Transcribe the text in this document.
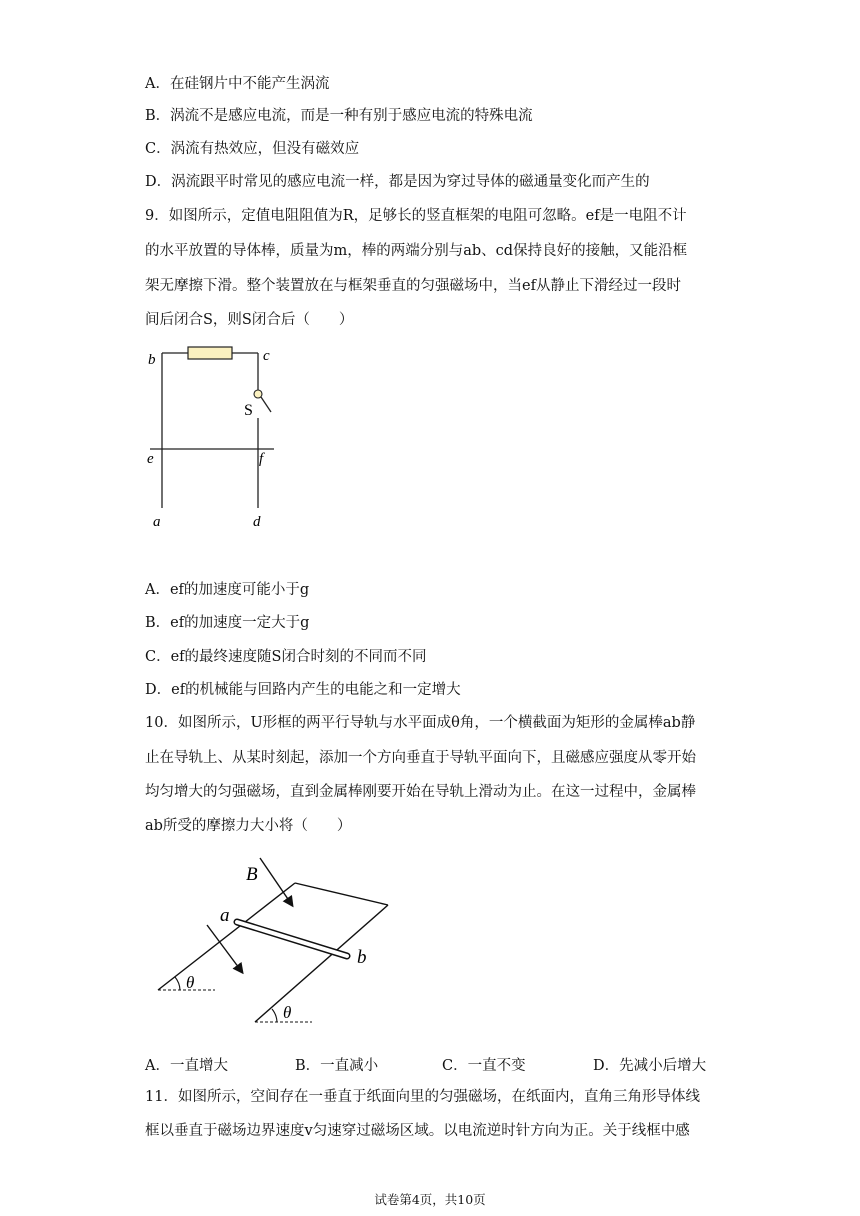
A．在硅钢片中不能产生涡流
B．涡流不是感应电流，而是一种有别于感应电流的特殊电流
C．涡流有热效应，但没有磁效应
D．涡流跟平时常见的感应电流一样，都是因为穿过导体的磁通量变化而产生的
9．如图所示，定值电阻阻值为R，足够长的竖直框架的电阻可忽略。ef是一电阻不计
的水平放置的导体棒，质量为m，棒的两端分别与ab、cd保持良好的接触，又能沿框
架无摩擦下滑。整个装置放在与框架垂直的匀强磁场中，当ef从静止下滑经过一段时
间后闭合S，则S闭合后（　　）
b	c
S
e	f
a	d
A．ef的加速度可能小于g
B．ef的加速度一定大于g
C．ef的最终速度随S闭合时刻的不同而不同
D．ef的机械能与回路内产生的电能之和一定增大
10．如图所示，U形框的两平行导轨与水平面成θ角，一个横截面为矩形的金属棒ab静
止在导轨上、从某时刻起，添加一个方向垂直于导轨平面向下，且磁感应强度从零开始
均匀增大的匀强磁场，直到金属棒刚要开始在导轨上滑动为止。在这一过程中，金属棒
ab所受的摩擦力大小将（　　）
B
a
b
θ
θ
A．一直增大	B．一直减小	C．一直不变	D．先减小后增大
11．如图所示，空间存在一垂直于纸面向里的匀强磁场，在纸面内，直角三角形导体线
框以垂直于磁场边界速度v匀速穿过磁场区域。以电流逆时针方向为正。关于线框中感
试卷第4页，共10页
